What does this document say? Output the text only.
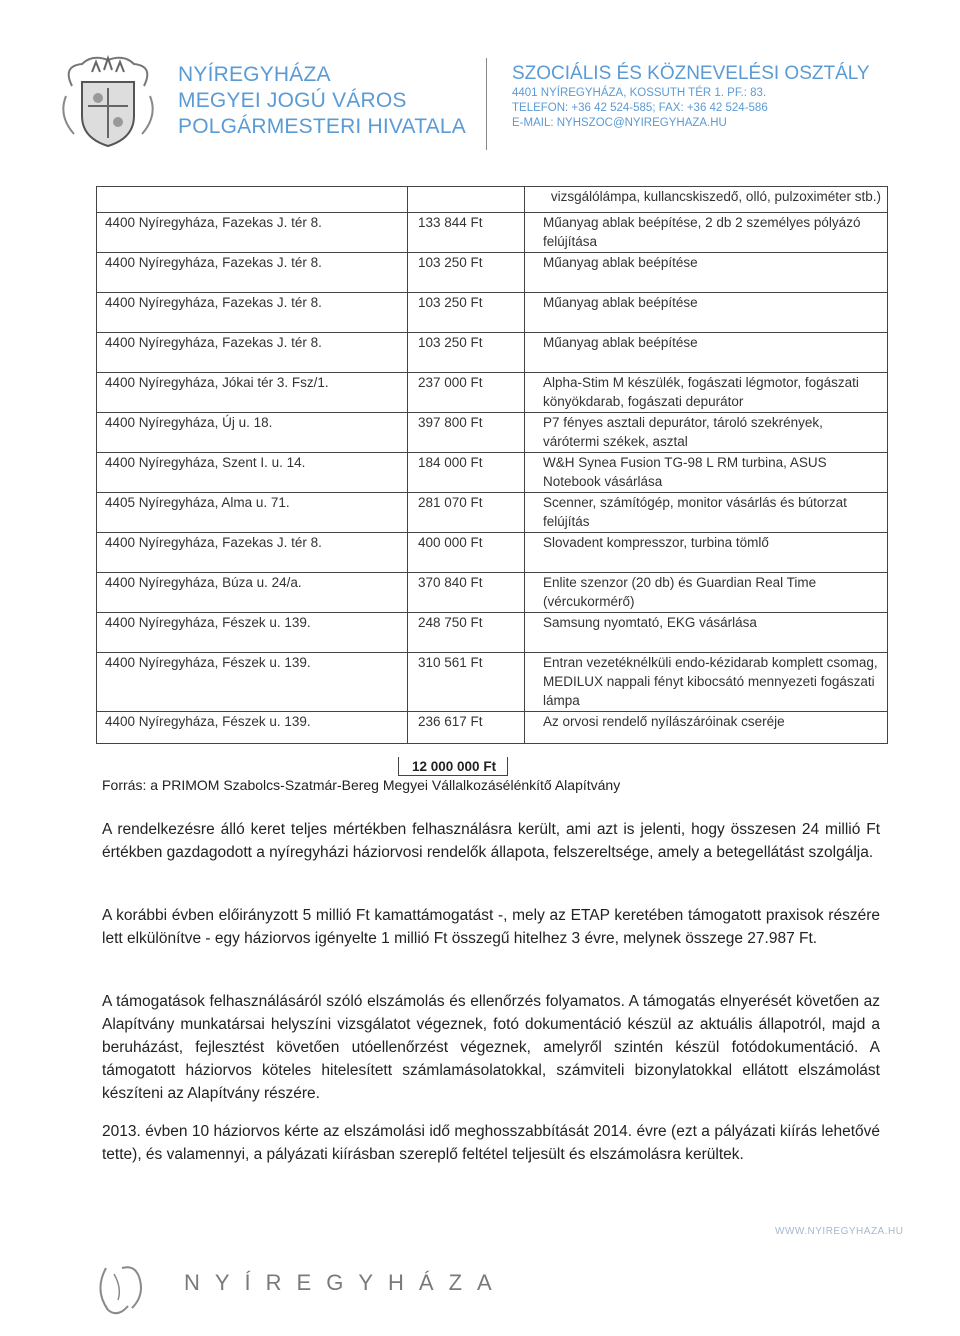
NYÍREGYHÁZA
MEGYEI JOGÚ VÁROS
POLGÁRMESTERI HIVATALA
SZOCIÁLIS ÉS KÖZNEVELÉSI OSZTÁLY
4401 NYÍREGYHÁZA, KOSSUTH TÉR 1. PF.: 83.
TELEFON: +36 42 524-585; FAX: +36 42 524-586
E-MAIL: NYHSZOC@NYIREGYHAZA.HU
		vizsgálólámpa, kullancskiszedő, olló, pulzoximéter stb.)
4400 Nyíregyháza, Fazekas J. tér 8.	133 844 Ft	Műanyag ablak beépítése, 2 db 2 személyes pólyázó felújítása
4400 Nyíregyháza, Fazekas J. tér 8.	103 250 Ft	Műanyag ablak beépítése
4400 Nyíregyháza, Fazekas J. tér 8.	103 250 Ft	Műanyag ablak beépítése
4400 Nyíregyháza, Fazekas J. tér 8.	103 250 Ft	Műanyag ablak beépítése
4400 Nyíregyháza, Jókai tér 3. Fsz/1.	237 000 Ft	Alpha-Stim M készülék, fogászati légmotor, fogászati könyökdarab, fogászati depurátor
4400 Nyíregyháza, Új u. 18.	397 800 Ft	P7 fényes asztali depurátor, tároló szekrények, várótermi székek, asztal
4400 Nyíregyháza, Szent I. u. 14.	184 000 Ft	W&H Synea Fusion TG-98 L RM turbina, ASUS Notebook vásárlása
4405 Nyíregyháza, Alma u. 71.	281 070 Ft	Scenner, számítógép, monitor vásárlás és bútorzat felújítás
4400 Nyíregyháza, Fazekas J. tér 8.	400 000 Ft	Slovadent kompresszor, turbina tömlő
4400 Nyíregyháza, Búza u. 24/a.	370 840 Ft	Enlite szenzor (20 db) és Guardian Real Time (vércukormérő)
4400 Nyíregyháza, Fészek u. 139.	248 750 Ft	Samsung nyomtató, EKG vásárlása
4400 Nyíregyháza, Fészek u. 139.	310 561 Ft	Entran vezetéknélküli endo-kézidarab komplett csomag, MEDILUX nappali fényt kibocsátó mennyezeti fogászati lámpa
4400 Nyíregyháza, Fészek u. 139.	236 617 Ft	Az orvosi rendelő nyílászáróinak cseréje
12 000 000 Ft
Forrás: a PRIMOM Szabolcs-Szatmár-Bereg Megyei Vállalkozásélénkítő Alapítvány
A rendelkezésre álló keret teljes mértékben felhasználásra került, ami azt is jelenti, hogy összesen 24 millió Ft értékben gazdagodott a nyíregyházi háziorvosi rendelők állapota, felszereltsége, amely a betegellátást szolgálja.
A korábbi évben előirányzott 5 millió Ft kamattámogatást -, mely az ETAP keretében támogatott praxisok részére lett elkülönítve - egy háziorvos igényelte 1 millió Ft összegű hitelhez 3 évre, melynek összege 27.987 Ft.
A támogatások felhasználásáról szóló elszámolás és ellenőrzés folyamatos. A támogatás elnyerését követően az Alapítvány munkatársai helyszíni vizsgálatot végeznek, fotó dokumentáció készül az aktuális állapotról, majd a beruházást, fejlesztést követően utóellenőrzést végeznek, amelyről szintén készül fotódokumentáció. A támogatott háziorvos köteles hitelesített számlamásolatokkal, számviteli bizonylatokkal ellátott elszámolást készíteni az Alapítvány részére.
2013. évben 10 háziorvos kérte az elszámolási idő meghosszabbítását 2014. évre (ezt a pályázati kiírás lehetővé tette), és valamennyi, a pályázati kiírásban szereplő feltétel teljesült és elszámolásra kerültek.
WWW.NYIREGYHAZA.HU
NYÍREGYHÁZA
